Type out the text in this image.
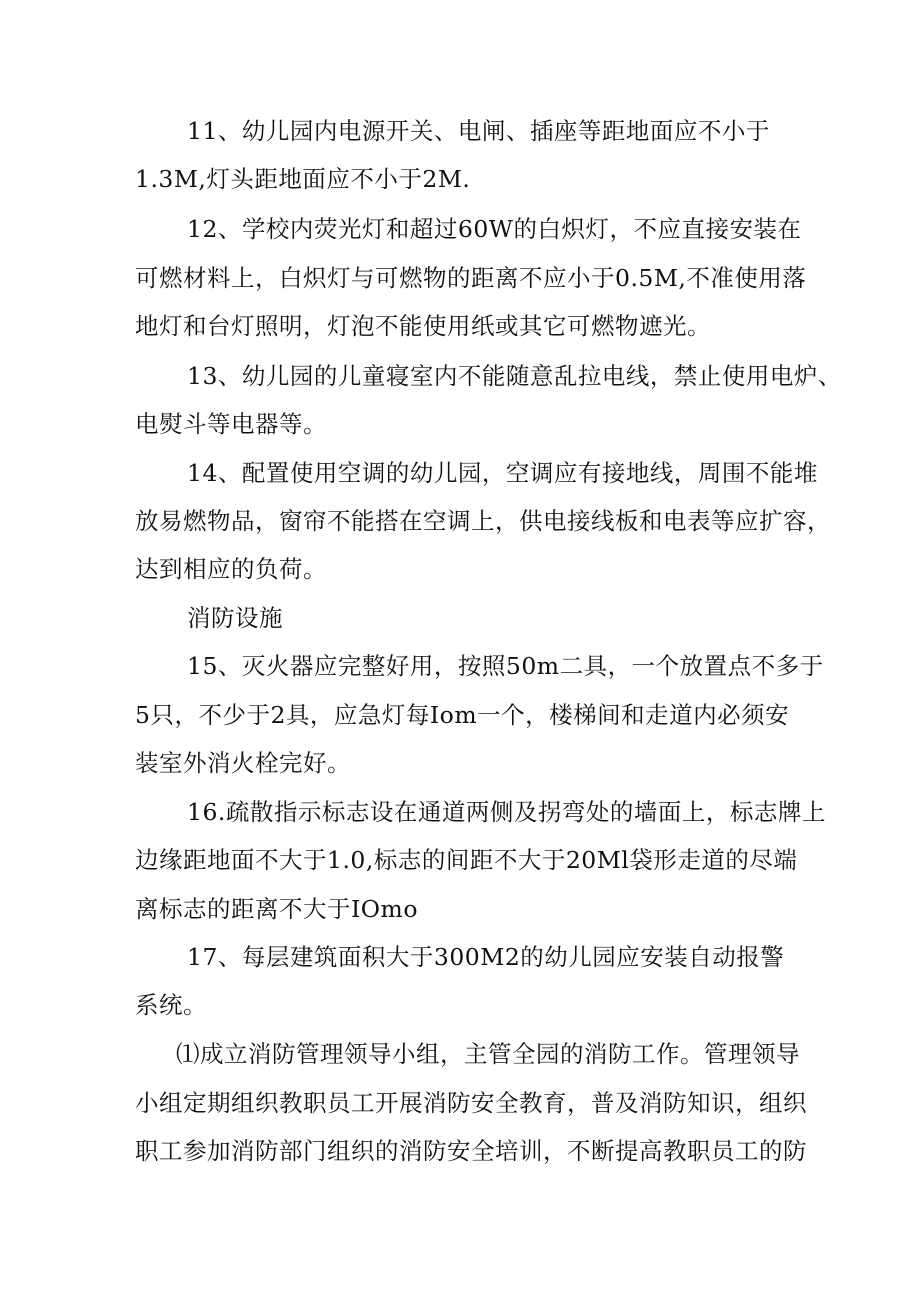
11、幼儿园内电源开关、电闸、插座等距地面应不小于
1.3M,灯头距地面应不小于2M.
12、学校内荧光灯和超过60W的白炽灯，不应直接安装在
可燃材料上，白炽灯与可燃物的距离不应小于0.5M,不准使用落
地灯和台灯照明，灯泡不能使用纸或其它可燃物遮光。
13、幼儿园的儿童寝室内不能随意乱拉电线，禁止使用电炉、
电熨斗等电器等。
14、配置使用空调的幼儿园，空调应有接地线，周围不能堆
放易燃物品，窗帘不能搭在空调上，供电接线板和电表等应扩容，
达到相应的负荷。
消防设施
15、灭火器应完整好用，按照50m二具，一个放置点不多于
5只，不少于2具，应急灯每Iom一个，楼梯间和走道内必须安
装室外消火栓完好。
16.疏散指示标志设在通道两侧及拐弯处的墙面上，标志牌上
边缘距地面不大于1.0,标志的间距不大于20Ml袋形走道的尽端
离标志的距离不大于IOmo
17、每层建筑面积大于300M2的幼儿园应安装自动报警
系统。
⑴成立消防管理领导小组，主管全园的消防工作。管理领导
小组定期组织教职员工开展消防安全教育，普及消防知识，组织
职工参加消防部门组织的消防安全培训，不断提高教职员工的防
